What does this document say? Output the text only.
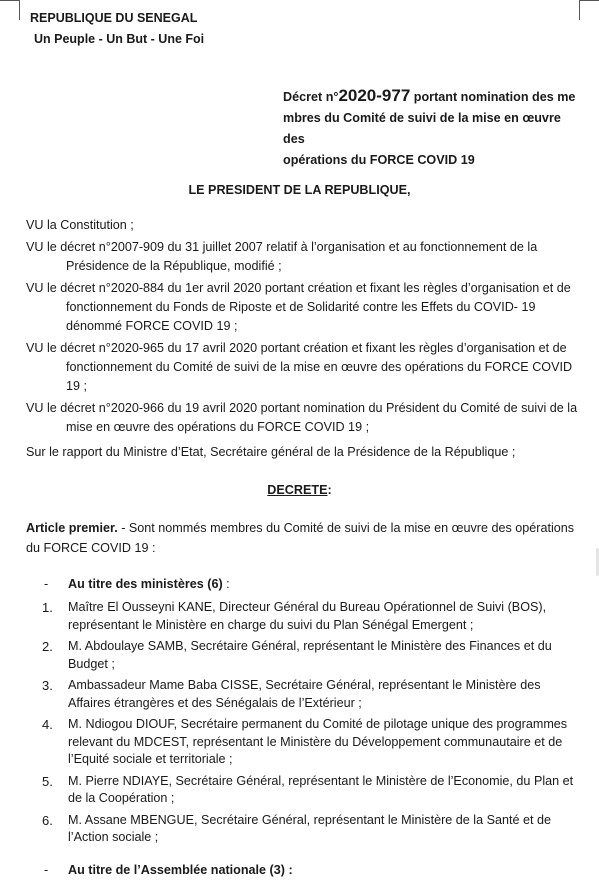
REPUBLIQUE DU SENEGAL
Un Peuple - Un But - Une Foi
Décret n°2020-977 portant nomination des me
mbres du Comité de suivi de la mise en œuvre des
opérations du FORCE COVID 19
LE PRESIDENT DE LA REPUBLIQUE,

VU la Constitution ;

VU le décret n°2007-909 du 31 juillet 2007 relatif à l’organisation et au fonctionnement de la Présidence de la République, modifié ;

VU le décret n°2020-884 du 1er avril 2020 portant création et fixant les règles d’organisation et de fonctionnement du Fonds de Riposte et de Solidarité contre les Effets du COVID- 19 dénommé FORCE COVID 19 ;

VU le décret n°2020-965 du 17 avril 2020 portant création et fixant les règles d’organisation et de fonctionnement du Comité de suivi de la mise en œuvre des opérations du FORCE COVID 19 ;

VU le décret n°2020-966 du 19 avril 2020 portant nomination du Président du Comité de suivi de la mise en œuvre des opérations du FORCE COVID 19 ;

Sur le rapport du Ministre d’Etat, Secrétaire général de la Présidence de la République ;
DECRETE:
Article premier. - Sont nommés membres du Comité de suivi de la mise en œuvre des opérations du FORCE COVID 19 :
- Au titre des ministères (6) :
1. Maître El Ousseyni KANE, Directeur Général du Bureau Opérationnel de Suivi (BOS), représentant le Ministère en charge du suivi du Plan Sénégal Emergent ;
2. M. Abdoulaye SAMB, Secrétaire Général, représentant le Ministère des Finances et du Budget ;
3. Ambassadeur Mame Baba CISSE, Secrétaire Général, représentant le Ministère des Affaires étrangères et des Sénégalais de l’Extérieur ;
4. M. Ndiogou DIOUF, Secrétaire permanent du Comité de pilotage unique des programmes relevant du MDCEST, représentant le Ministère du Développement communautaire et de l’Equité sociale et territoriale ;
5. M. Pierre NDIAYE, Secrétaire Général, représentant le Ministère de l’Economie, du Plan et de la Coopération ;
6. M. Assane MBENGUE, Secrétaire Général, représentant le Ministère de la Santé et de l’Action sociale ;
- Au titre de l’Assemblée nationale (3) :
